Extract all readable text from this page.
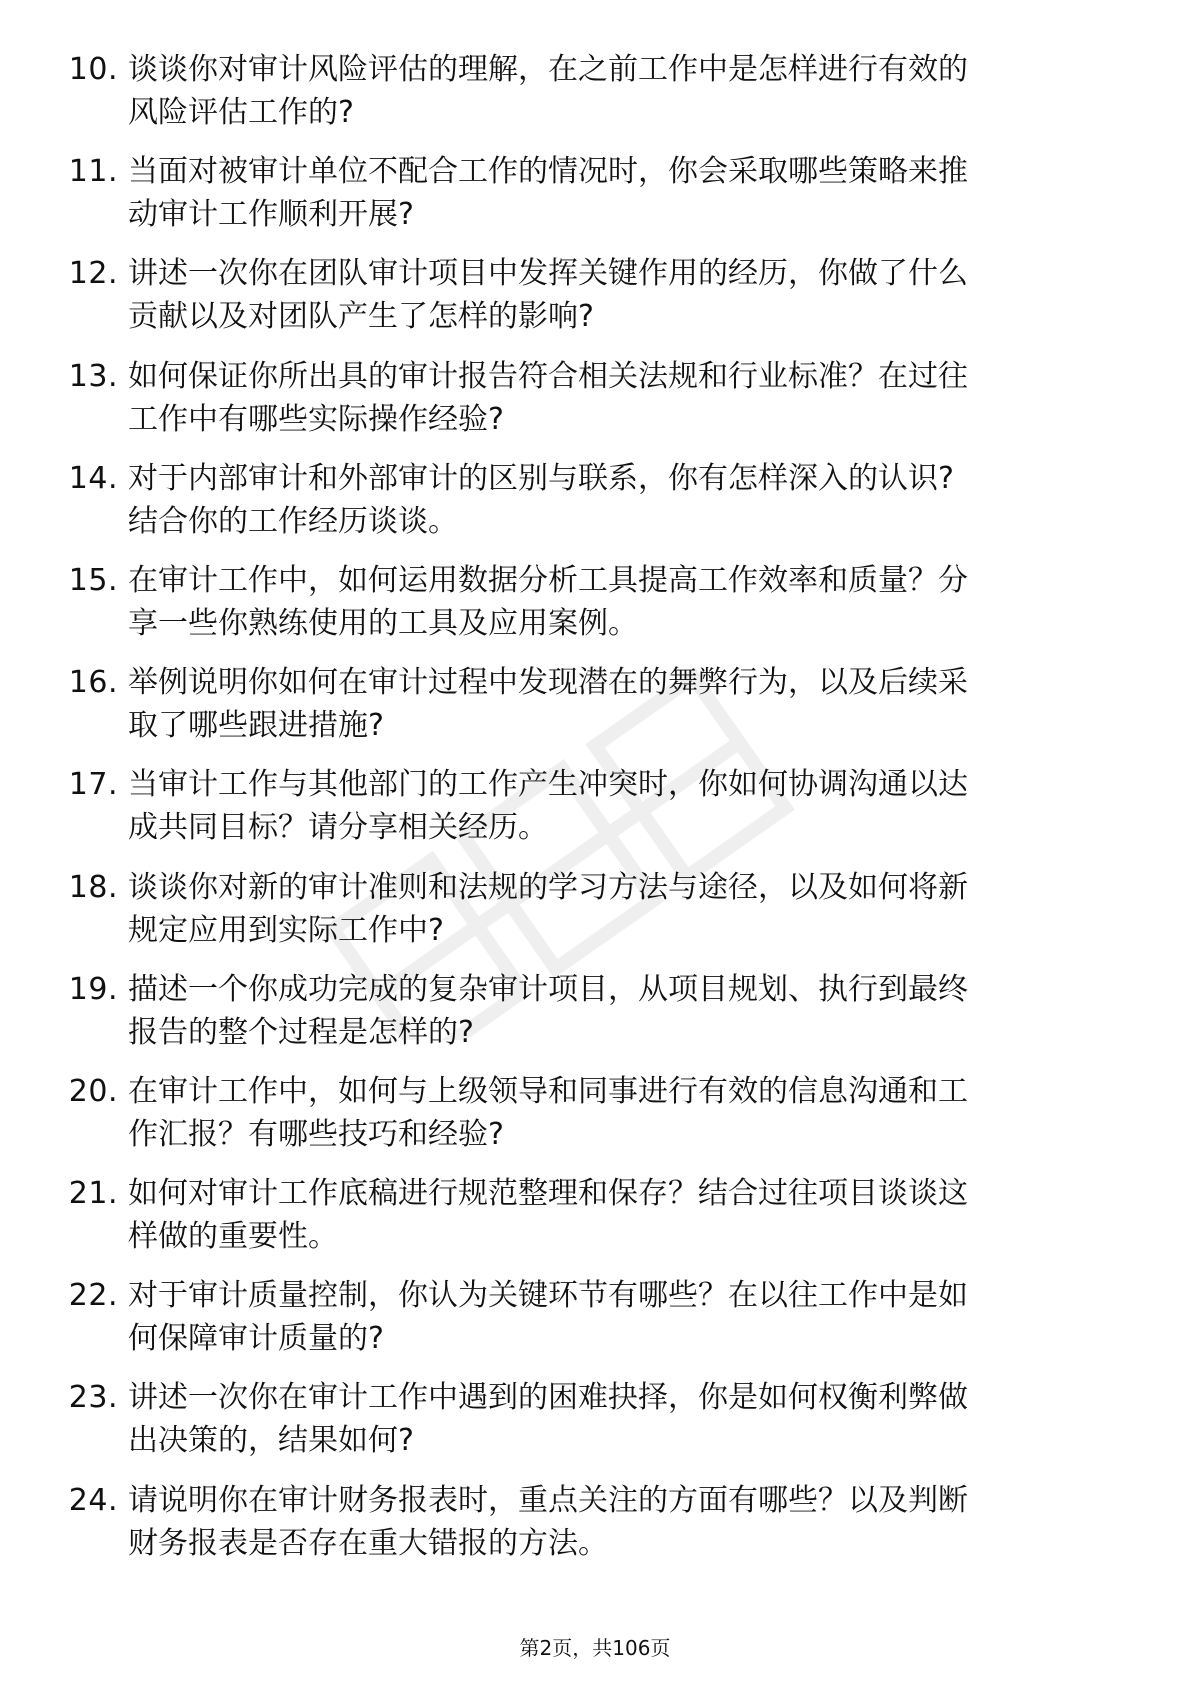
10. 谈谈你对审计风险评估的理解，在之前工作中是怎样进行有效的
风险评估工作的?
11. 当面对被审计单位不配合工作的情况时，你会采取哪些策略来推
动审计工作顺利开展?
12. 讲述一次你在团队审计项目中发挥关键作用的经历，你做了什么
贡献以及对团队产生了怎样的影响?
13. 如何保证你所出具的审计报告符合相关法规和行业标准？在过往
工作中有哪些实际操作经验?
14. 对于内部审计和外部审计的区别与联系，你有怎样深入的认识?
结合你的工作经历谈谈。
15. 在审计工作中，如何运用数据分析工具提高工作效率和质量？分
享一些你熟练使用的工具及应用案例。
16. 举例说明你如何在审计过程中发现潜在的舞弊行为，以及后续采
取了哪些跟进措施?
17. 当审计工作与其他部门的工作产生冲突时，你如何协调沟通以达
成共同目标？请分享相关经历。
18. 谈谈你对新的审计准则和法规的学习方法与途径，以及如何将新
规定应用到实际工作中?
19. 描述一个你成功完成的复杂审计项目，从项目规划、执行到最终
报告的整个过程是怎样的?
20. 在审计工作中，如何与上级领导和同事进行有效的信息沟通和工
作汇报？有哪些技巧和经验?
21. 如何对审计工作底稿进行规范整理和保存？结合过往项目谈谈这
样做的重要性。
22. 对于审计质量控制，你认为关键环节有哪些？在以往工作中是如
何保障审计质量的?
23. 讲述一次你在审计工作中遇到的困难抉择，你是如何权衡利弊做
出决策的，结果如何?
24. 请说明你在审计财务报表时，重点关注的方面有哪些？以及判断
财务报表是否存在重大错报的方法。
第2页，共106页
